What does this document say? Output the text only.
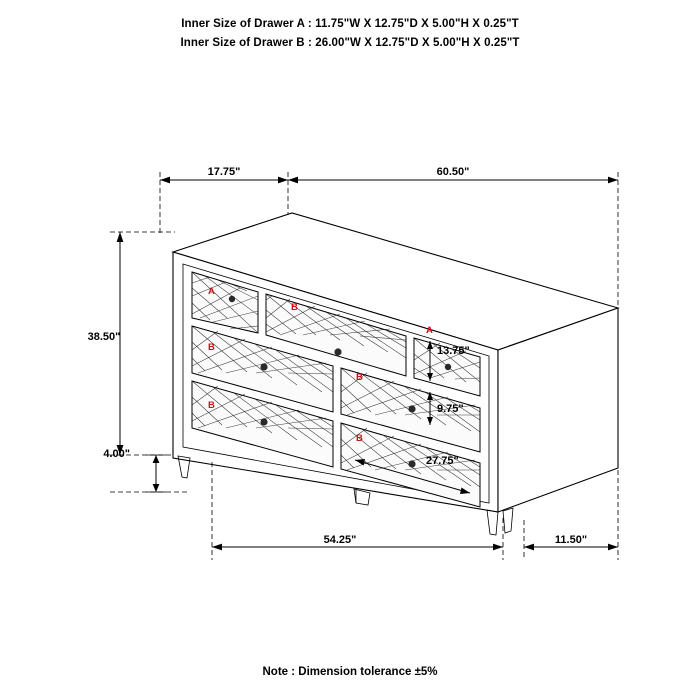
Inner Size of Drawer A : 11.75"W X 12.75"D X 5.00"H X 0.25"T
Inner Size of Drawer B : 26.00"W X 12.75"D X 5.00"H X 0.25"T
17.75"	60.50"
38.50"
4.00"
13.75"
9.75"
27.75"
A
B
A
B
B
B
B
54.25"	11.50"
Note : Dimension tolerance ±5%
